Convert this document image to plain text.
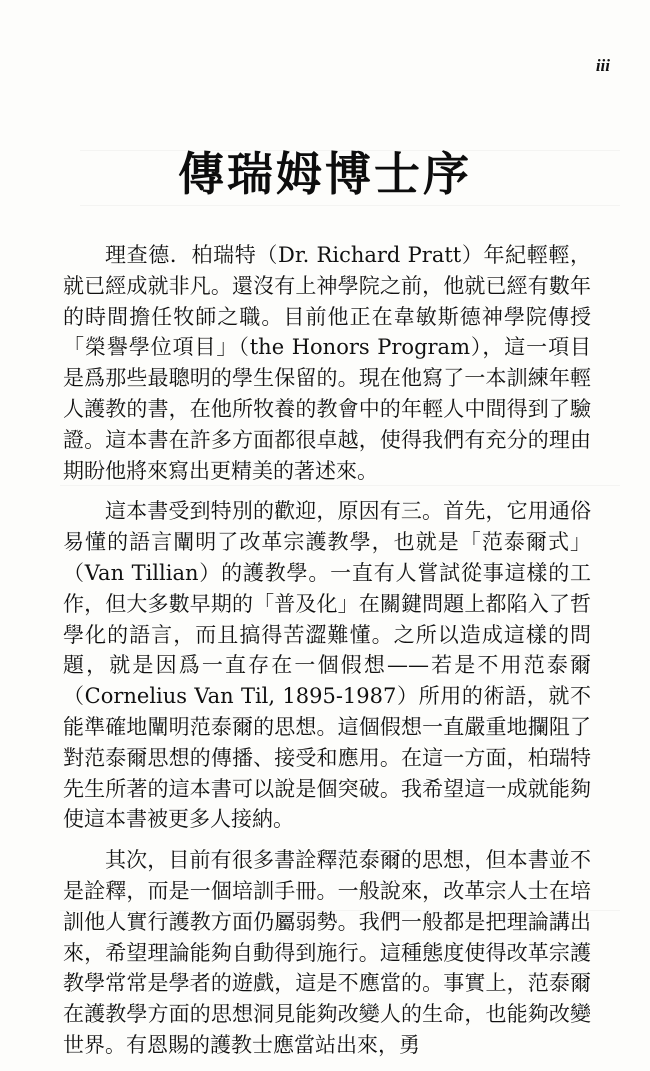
iii
傳瑞姆博士序

理查德．柏瑞特（Dr. Richard Pratt）年紀輕輕，就已經成就非凡。還沒有上神學院之前，他就已經有數年的時間擔任牧師之職。目前他正在韋敏斯德神學院傳授「榮譽學位項目」（the Honors Program），這一項目是爲那些最聰明的學生保留的。現在他寫了一本訓練年輕人護教的書，在他所牧養的教會中的年輕人中間得到了驗證。這本書在許多方面都很卓越，使得我們有充分的理由期盼他將來寫出更精美的著述來。

這本書受到特別的歡迎，原因有三。首先，它用通俗易懂的語言闡明了改革宗護教學，也就是「范泰爾式」（Van Tillian）的護教學。一直有人嘗試從事這樣的工作，但大多數早期的「普及化」在關鍵問題上都陷入了哲學化的語言，而且搞得苦澀難懂。之所以造成這樣的問題，就是因爲一直存在一個假想——若是不用范泰爾（Cornelius Van Til, 1895-1987）所用的術語，就不能準確地闡明范泰爾的思想。這個假想一直嚴重地攔阻了對范泰爾思想的傳播、接受和應用。在這一方面，柏瑞特先生所著的這本書可以說是個突破。我希望這一成就能夠使這本書被更多人接納。

其次，目前有很多書詮釋范泰爾的思想，但本書並不是詮釋，而是一個培訓手冊。一般說來，改革宗人士在培訓他人實行護教方面仍屬弱勢。我們一般都是把理論講出來，希望理論能夠自動得到施行。這種態度使得改革宗護教學常常是學者的遊戲，這是不應當的。事實上，范泰爾在護教學方面的思想洞見能夠改變人的生命，也能夠改變世界。有恩賜的護教士應當站出來，勇
